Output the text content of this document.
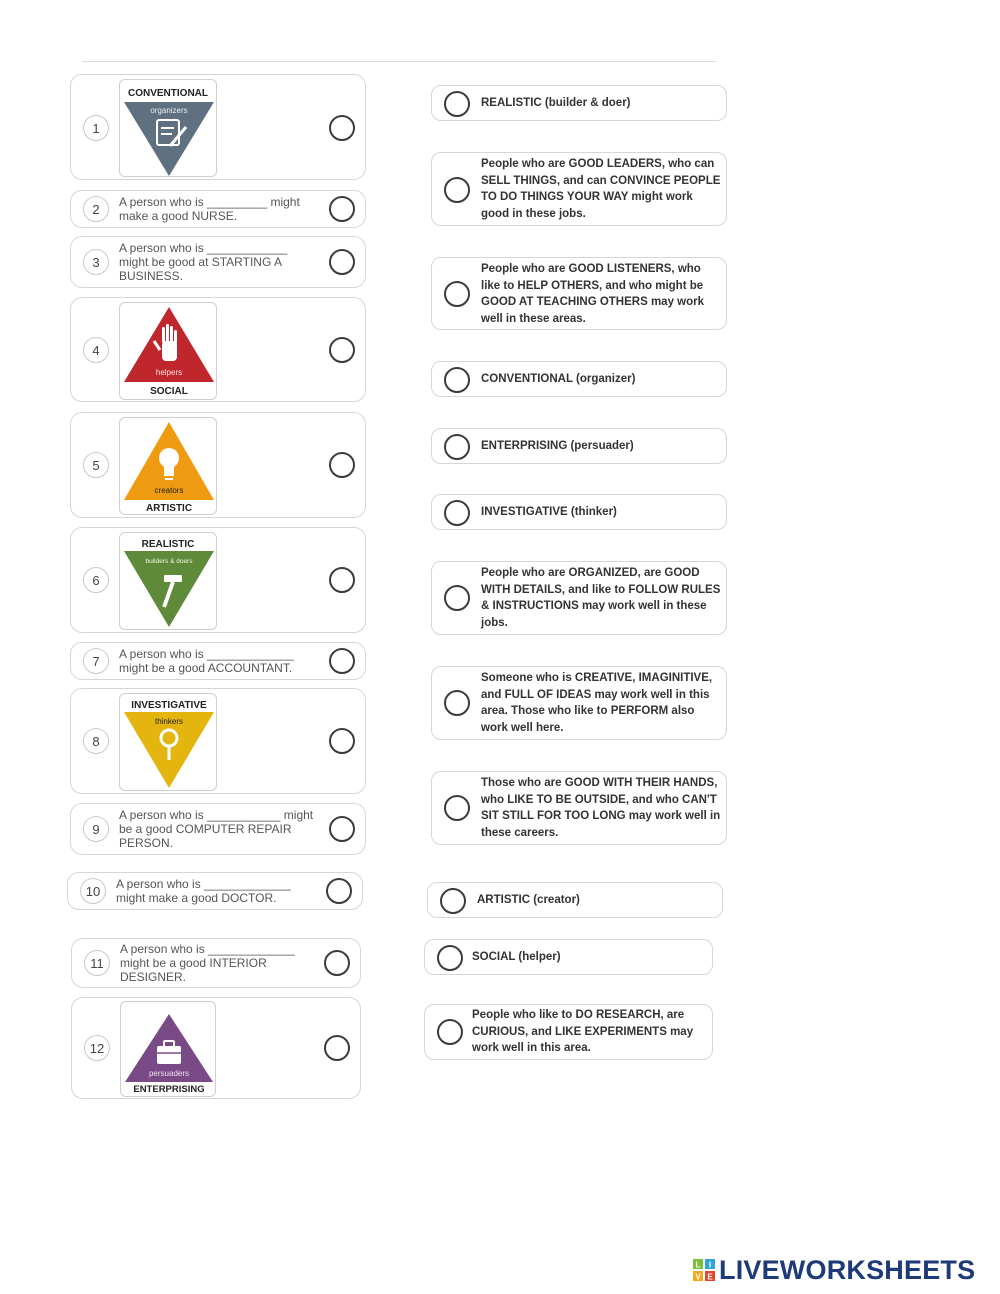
1
CONVENTIONAL
organizers
2	A person who is _________ might make a good NURSE.
3
A person who is ____________ might be good at STARTING A BUSINESS.
4
helpers
SOCIAL
5
creators
ARTISTIC
6
REALISTIC
builders & doers
7	A person who is _____________ might be a good ACCOUNTANT.
8
INVESTIGATIVE
thinkers
9
A person who is ___________ might be a good COMPUTER REPAIR PERSON.
10	A person who is _____________ might make a good DOCTOR.
11
A person who is _____________ might be a good INTERIOR DESIGNER.
12
persuaders
ENTERPRISING
REALISTIC (builder & doer)
People who are GOOD LEADERS, who can SELL THINGS, and can CONVINCE PEOPLE TO DO THINGS YOUR WAY might work good in these jobs.
People who are GOOD LISTENERS, who like to HELP OTHERS, and who might be GOOD AT TEACHING OTHERS may work well in these areas.
CONVENTIONAL (organizer)
ENTERPRISING (persuader)
INVESTIGATIVE (thinker)
People who are ORGANIZED, are GOOD WITH DETAILS, and like to FOLLOW RULES & INSTRUCTIONS may work well in these jobs.
Someone who is CREATIVE, IMAGINITIVE, and FULL OF IDEAS may work well in this area. Those who like to PERFORM also work well here.
Those who are GOOD WITH THEIR HANDS, who LIKE TO BE OUTSIDE, and who CAN'T SIT STILL FOR TOO LONG may work well in these careers.
ARTISTIC (creator)
SOCIAL (helper)
People who like to DO RESEARCH, are CURIOUS, and LIKE EXPERIMENTS may work well in this area.
L I
V E LIVEWORKSHEETS
